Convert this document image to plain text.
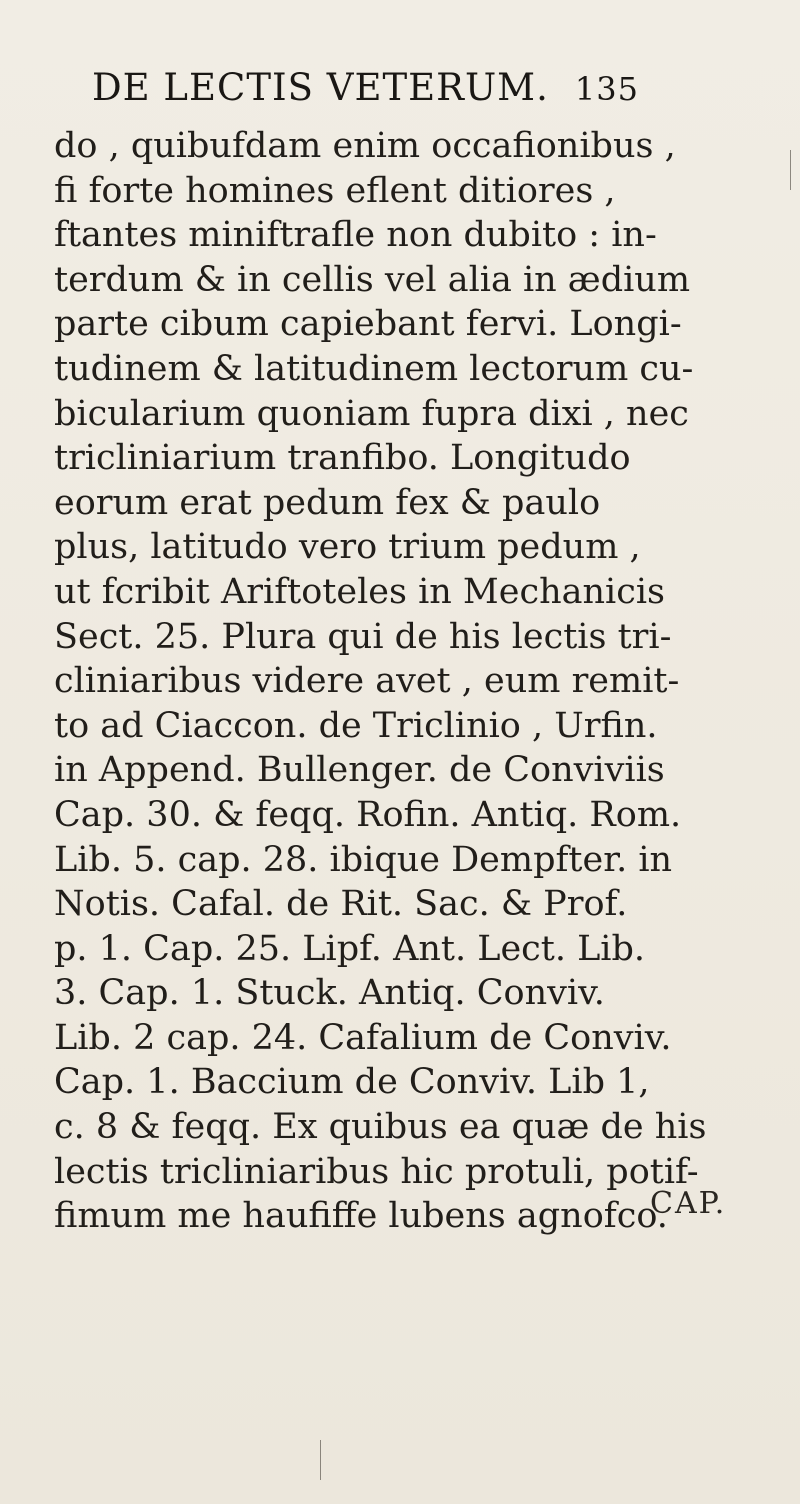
DE LECTIS VETERUM. 135
do , quibufdam enim occafionibus ,
fi forte homines eflent ditiores ,
ftantes miniftrafle non dubito : in-
terdum & in cellis vel alia in ædium
parte cibum capiebant fervi. Longi-
tudinem & latitudinem lectorum cu-
bicularium quoniam fupra dixi , nec
tricliniarium tranfibo. Longitudo
eorum erat pedum fex & paulo
plus, latitudo vero trium pedum ,
ut fcribit Ariftoteles in Mechanicis
Sect. 25. Plura qui de his lectis tri-
cliniaribus videre avet , eum remit-
to ad Ciaccon. de Triclinio , Urfin.
in Append. Bullenger. de Conviviis
Cap. 30. & feqq. Rofin. Antiq. Rom.
Lib. 5. cap. 28. ibique Dempfter. in
Notis. Cafal. de Rit. Sac. & Prof.
p. 1. Cap. 25. Lipf. Ant. Lect. Lib.
3. Cap. 1. Stuck. Antiq. Conviv.
Lib. 2 cap. 24. Cafalium de Conviv.
Cap. 1. Baccium de Conviv. Lib 1,
c. 8 & feqq. Ex quibus ea quæ de his
lectis tricliniaribus hic protuli, potif-
fimum me haufiffe lubens agnofco.
CAP.
